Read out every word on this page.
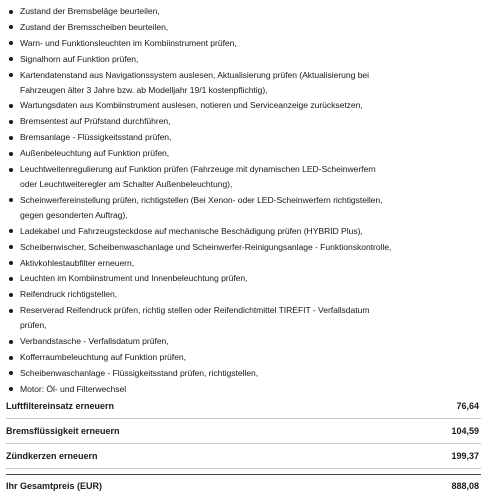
Zustand der Bremsbeläge beurteilen,
Zustand der Bremsscheiben beurteilen,
Warn- und Funktionsleuchten im Kombiinstrument prüfen,
Signalhorn auf Funktion prüfen,
Kartendatenstand aus Navigationssystem auslesen, Aktualisierung prüfen (Aktualisierung bei
Fahrzeugen älter 3 Jahre bzw. ab Modelljahr 19/1 kostenpflichtig),
Wartungsdaten aus Kombiinstrument auslesen, notieren und Serviceanzeige zurücksetzen,
Bremsentest auf Prüfstand durchführen,
Bremsanlage - Flüssigkeitsstand prüfen,
Außenbeleuchtung auf Funktion prüfen,
Leuchtweitenregulierung auf Funktion prüfen (Fahrzeuge mit dynamischen LED-Scheinwerfern
oder Leuchtweiteregler am Schalter Außenbeleuchtung),
Scheinwerfereinstellung prüfen, richtigstellen (Bei Xenon- oder LED-Scheinwerfern richtigstellen,
gegen gesonderten Auftrag),
Ladekabel und Fahrzeugsteckdose auf mechanische Beschädigung prüfen (HYBRID Plus),
Scheibenwischer, Scheibenwaschanlage und Scheinwerfer-Reinigungsanlage - Funktionskontrolle,
Aktivkohlestaubfilter erneuern,
Leuchten im Kombiinstrument und Innenbeleuchtung prüfen,
Reifendruck richtigstellen,
Reserverad Reifendruck prüfen, richtig stellen oder Reifendichtmittel TIREFIT - Verfallsdatum
prüfen,
Verbandstasche - Verfallsdatum prüfen,
Kofferraumbeleuchtung auf Funktion prüfen,
Scheibenwaschanlage - Flüssigkeitsstand prüfen, richtigstellen,
Motor: Öl- und Filterwechsel
Luftfiltereinsatz erneuern	76,64
Bremsflüssigkeit erneuern	104,59
Zündkerzen erneuern	199,37
Ihr Gesamtpreis (EUR)	888,08
